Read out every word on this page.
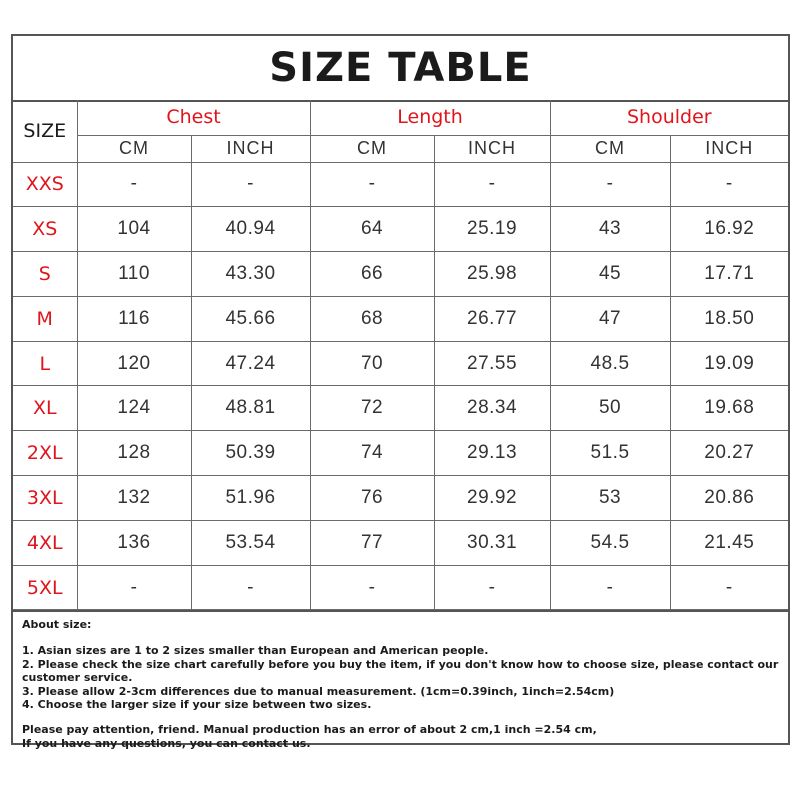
SIZE TABLE
SIZE	Chest		Length		Shoulder	
	CM	INCH	CM	INCH	CM	INCH
XXS	-	-	-	-	-	-
XS	104	40.94	64	25.19	43	16.92
S	110	43.30	66	25.98	45	17.71
M	116	45.66	68	26.77	47	18.50
L	120	47.24	70	27.55	48.5	19.09
XL	124	48.81	72	28.34	50	19.68
2XL	128	50.39	74	29.13	51.5	20.27
3XL	132	51.96	76	29.92	53	20.86
4XL	136	53.54	77	30.31	54.5	21.45
5XL	-	-	-	-	-	-
About size:
1. Asian sizes are 1 to 2 sizes smaller than European and American people.
2. Please check the size chart carefully before you buy the item, if you don't know how to choose size, please contact our
customer service.
3. Please allow 2-3cm differences due to manual measurement. (1cm=0.39inch, 1inch=2.54cm)
4. Choose the larger size if your size between two sizes.
Please pay attention, friend. Manual production has an error of about 2 cm,1 inch =2.54 cm,
If you have any questions, you can contact us.
